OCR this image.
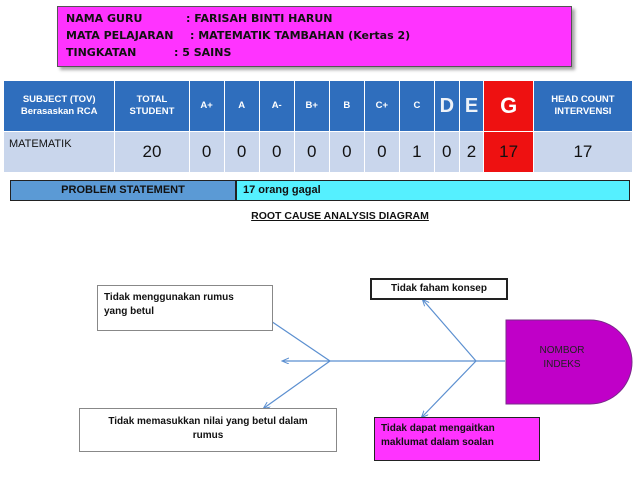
NAMA GURU	: FARISAH BINTI HARUN
MATA PELAJARAN : MATEMATIK TAMBAHAN (Kertas 2)
TINGKATAN	: 5 SAINS
SUBJECT (TOV) Berasaskan RCA	TOTAL STUDENT	A+	A	A-	B+	B	C+	C	D	E	G	HEAD COUNT INTERVENSI
MATEMATIK	20	0	0	0	0	0	0	1	0	2	17	17
PROBLEM STATEMENT	17 orang gagal
ROOT CAUSE ANALYSIS DIAGRAM
NOMBOR
INDEKS
Tidak menggunakan rumus
yang betul
Tidak faham konsep
Tidak memasukkan nilai yang betul dalam
rumus
Tidak dapat mengaitkan
maklumat dalam soalan
